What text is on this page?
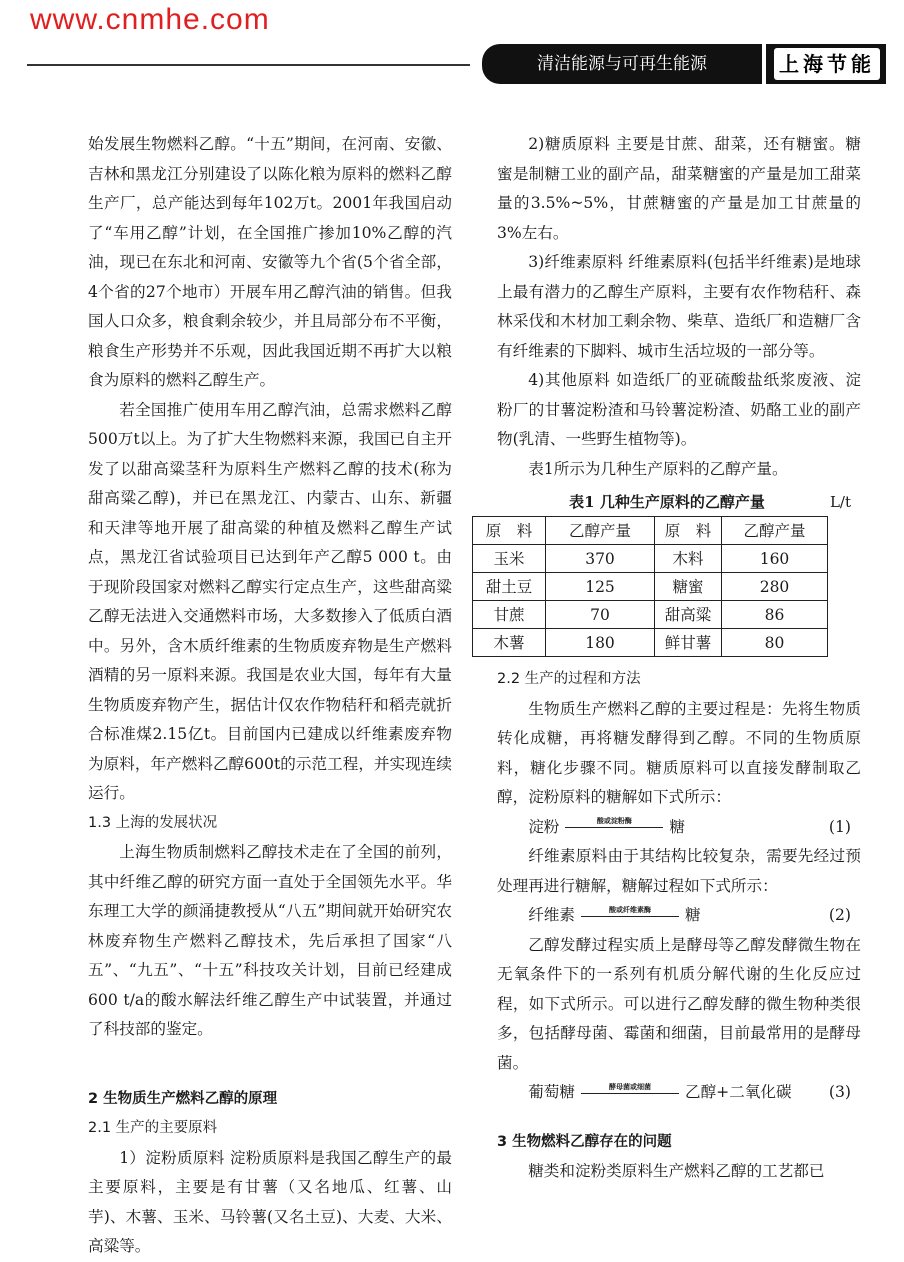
www.cnmhe.com
清洁能源与可再生能源	上海节能

始发展生物燃料乙醇。“十五”期间，在河南、安徽、吉林和黑龙江分别建设了以陈化粮为原料的燃料乙醇生产厂，总产能达到每年102万t。2001年我国启动了“车用乙醇”计划，在全国推广掺加10%乙醇的汽油，现已在东北和河南、安徽等九个省(5个省全部，4个省的27个地市）开展车用乙醇汽油的销售。但我国人口众多，粮食剩余较少，并且局部分布不平衡，粮食生产形势并不乐观，因此我国近期不再扩大以粮食为原料的燃料乙醇生产。

若全国推广使用车用乙醇汽油，总需求燃料乙醇500万t以上。为了扩大生物燃料来源，我国已自主开发了以甜高粱茎秆为原料生产燃料乙醇的技术(称为甜高粱乙醇)，并已在黑龙江、内蒙古、山东、新疆和天津等地开展了甜高粱的种植及燃料乙醇生产试点，黑龙江省试验项目已达到年产乙醇5 000 t。由于现阶段国家对燃料乙醇实行定点生产，这些甜高粱乙醇无法进入交通燃料市场，大多数掺入了低质白酒中。另外，含木质纤维素的生物质废弃物是生产燃料酒精的另一原料来源。我国是农业大国，每年有大量生物质废弃物产生，据估计仅农作物秸秆和稻壳就折合标准煤2.15亿t。目前国内已建成以纤维素废弃物为原料，年产燃料乙醇600t的示范工程，并实现连续运行。

1.3 上海的发展状况

上海生物质制燃料乙醇技术走在了全国的前列，其中纤维乙醇的研究方面一直处于全国领先水平。华东理工大学的颜涌捷教授从“八五”期间就开始研究农林废弃物生产燃料乙醇技术，先后承担了国家“八五”、“九五”、“十五”科技攻关计划，目前已经建成600 t/a的酸水解法纤维乙醇生产中试装置，并通过了科技部的鉴定。

2 生物质生产燃料乙醇的原理
2.1 生产的主要原料

1）淀粉质原料 淀粉质原料是我国乙醇生产的最主要原料，主要是有甘薯（又名地瓜、红薯、山芋)、木薯、玉米、马铃薯(又名土豆)、大麦、大米、高粱等。

2)糖质原料 主要是甘蔗、甜菜，还有糖蜜。糖蜜是制糖工业的副产品，甜菜糖蜜的产量是加工甜菜量的3.5%~5%，甘蔗糖蜜的产量是加工甘蔗量的3%左右。

3)纤维素原料 纤维素原料(包括半纤维素)是地球上最有潜力的乙醇生产原料，主要有农作物秸秆、森林采伐和木材加工剩余物、柴草、造纸厂和造糖厂含有纤维素的下脚料、城市生活垃圾的一部分等。

4)其他原料 如造纸厂的亚硫酸盐纸浆废液、淀粉厂的甘薯淀粉渣和马铃薯淀粉渣、奶酪工业的副产物(乳清、一些野生植物等)。

表1所示为几种生产原料的乙醇产量。

表1 几种生产原料的乙醇产量	L/t
原　料	乙醇产量	原　料	乙醇产量
玉米	370	木料	160
甜土豆	125	糖蜜	280
甘蔗	70	甜高粱	86
木薯	180	鲜甘薯	80
2.2 生产的过程和方法

生物质生产燃料乙醇的主要过程是：先将生物质转化成糖，再将糖发酵得到乙醇。不同的生物质原料，糖化步骤不同。糖质原料可以直接发酵制取乙醇，淀粉原料的糖解如下式所示：

淀粉	酸或淀粉酶	糖	(1)

纤维素原料由于其结构比较复杂，需要先经过预处理再进行糖解，糖解过程如下式所示：

纤维素	酸或纤维素酶	糖	(2)

乙醇发酵过程实质上是酵母等乙醇发酵微生物在无氧条件下的一系列有机质分解代谢的生化反应过程，如下式所示。可以进行乙醇发酵的微生物种类很多，包括酵母菌、霉菌和细菌，目前最常用的是酵母菌。

葡萄糖	酵母菌或细菌	乙醇+二氧化碳 (3)

3 生物燃料乙醇存在的问题

糖类和淀粉类原料生产燃料乙醇的工艺都已
